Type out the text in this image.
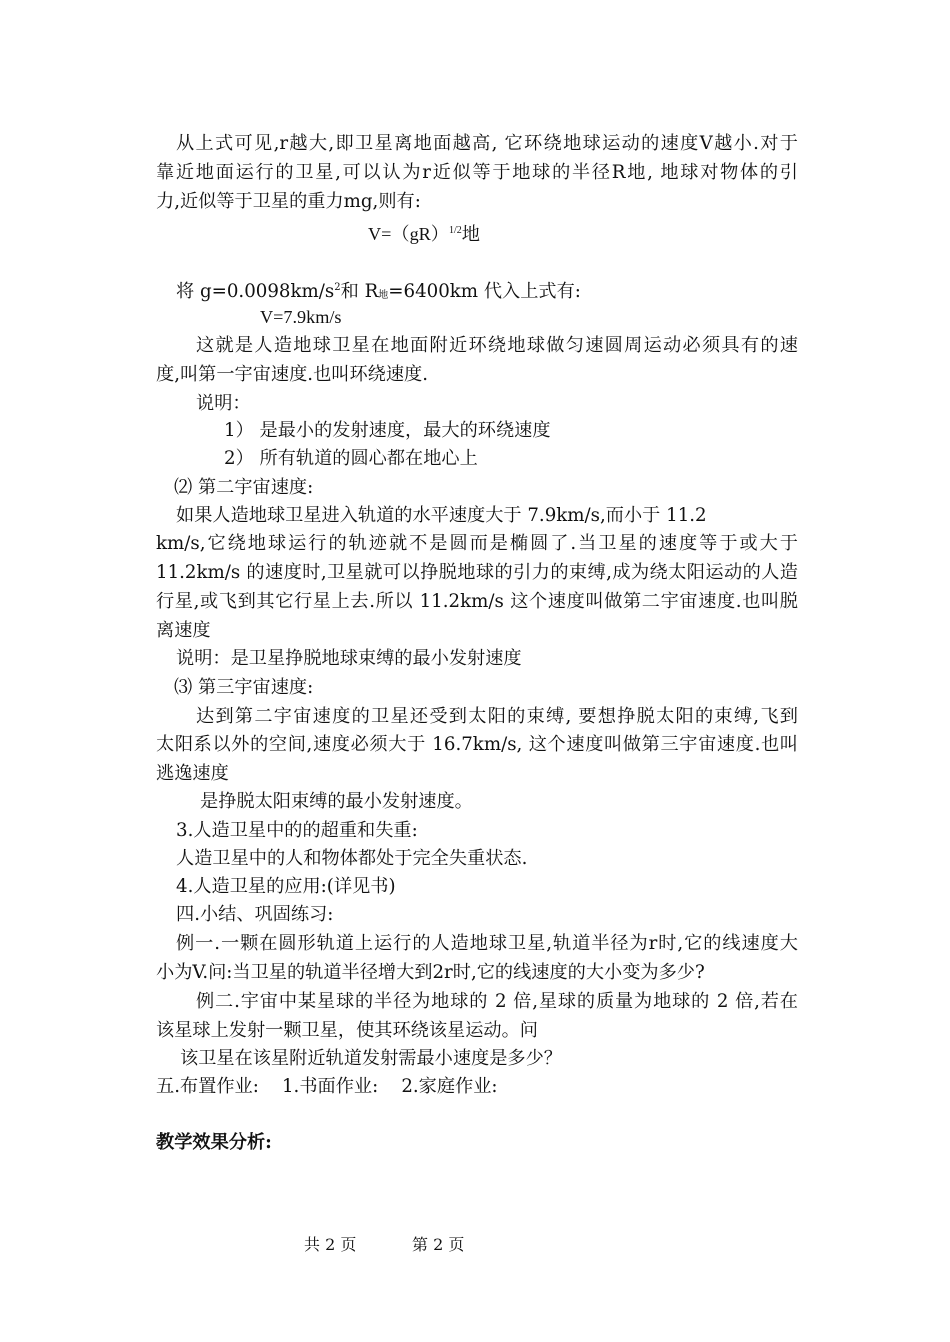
从上式可见,r越大,即卫星离地面越高, 它环绕地球运动的速度V越小.对于
靠近地面运行的卫星,可以认为r近似等于地球的半径R地, 地球对物体的引
力,近似等于卫星的重力mg,则有:
V=（gR）$^{1/2}$地
将 $g=0.0098km/s^2$和 $R_地=6400km$ 代入上式有:
V=7.9km/s
这就是人造地球卫星在地面附近环绕地球做匀速圆周运动必须具有的速
度,叫第一宇宙速度.也叫环绕速度.
说明：
1） 是最小的发射速度，最大的环绕速度
2） 所有轨道的圆心都在地心上
⑵ 第二宇宙速度:
如果人造地球卫星进入轨道的水平速度大于 7.9km/s,而小于 11.2
km/s,它绕地球运行的轨迹就不是圆而是椭圆了.当卫星的速度等于或大于
11.2km/s 的速度时,卫星就可以挣脱地球的引力的束缚,成为绕太阳运动的人造
行星,或飞到其它行星上去.所以 11.2km/s 这个速度叫做第二宇宙速度.也叫脱
离速度
说明：是卫星挣脱地球束缚的最小发射速度
⑶ 第三宇宙速度:
达到第二宇宙速度的卫星还受到太阳的束缚, 要想挣脱太阳的束缚,飞到
太阳系以外的空间,速度必须大于 16.7km/s, 这个速度叫做第三宇宙速度.也叫
逃逸速度
是挣脱太阳束缚的最小发射速度。
3.人造卫星中的的超重和失重:
人造卫星中的人和物体都处于完全失重状态.
4.人造卫星的应用:(详见书)
四.小结、巩固练习:
例一.一颗在圆形轨道上运行的人造地球卫星,轨道半径为r时,它的线速度大
小为V.问:当卫星的轨道半径增大到2r时,它的线速度的大小变为多少?
例二.宇宙中某星球的半径为地球的 2 倍,星球的质量为地球的 2 倍,若在
该星球上发射一颗卫星，使其环绕该星运动。问
该卫星在该星附近轨道发射需最小速度是多少？
五.布置作业:    1.书面作业:    2.家庭作业:
教学效果分析:
共 2 页	第 2 页
